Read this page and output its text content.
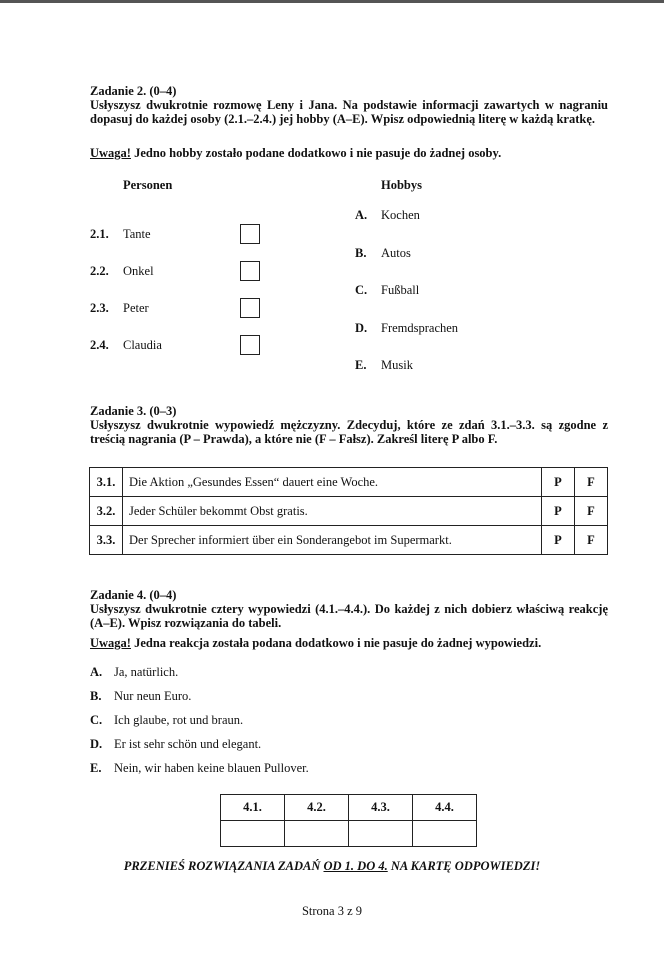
Zadanie 2. (0–4)
Usłyszysz dwukrotnie rozmowę Leny i Jana. Na podstawie informacji zawartych w nagraniu dopasuj do każdej osoby (2.1.–2.4.) jej hobby (A–E). Wpisz odpowiednią literę w każdą kratkę.
Uwaga! Jedno hobby zostało podane dodatkowo i nie pasuje do żadnej osoby.
Personen	Hobbys
2.1. Tante
2.2. Onkel
2.3. Peter
2.4. Claudia
A. Kochen
B. Autos
C. Fußball
D. Fremdsprachen
E. Musik
Zadanie 3. (0–3)
Usłyszysz dwukrotnie wypowiedź mężczyzny. Zdecyduj, które ze zdań 3.1.–3.3. są zgodne z treścią nagrania (P – Prawda), a które nie (F – Fałsz). Zakreśl literę P albo F.
3.1.	Die Aktion „Gesundes Essen“ dauert eine Woche.	P	F
3.2.	Jeder Schüler bekommt Obst gratis.	P	F
3.3.	Der Sprecher informiert über ein Sonderangebot im Supermarkt.	P	F
Zadanie 4. (0–4)
Usłyszysz dwukrotnie cztery wypowiedzi (4.1.–4.4.). Do każdej z nich dobierz właściwą reakcję (A–E). Wpisz rozwiązania do tabeli.
Uwaga! Jedna reakcja została podana dodatkowo i nie pasuje do żadnej wypowiedzi.
A. Ja, natürlich.
B. Nur neun Euro.
C. Ich glaube, rot und braun.
D. Er ist sehr schön und elegant.
E. Nein, wir haben keine blauen Pullover.
4.1.	4.2.	4.3.	4.4.

PRZENIEŚ ROZWIĄZANIA ZADAŃ OD 1. DO 4. NA KARTĘ ODPOWIEDZI!
Strona 3 z 9
